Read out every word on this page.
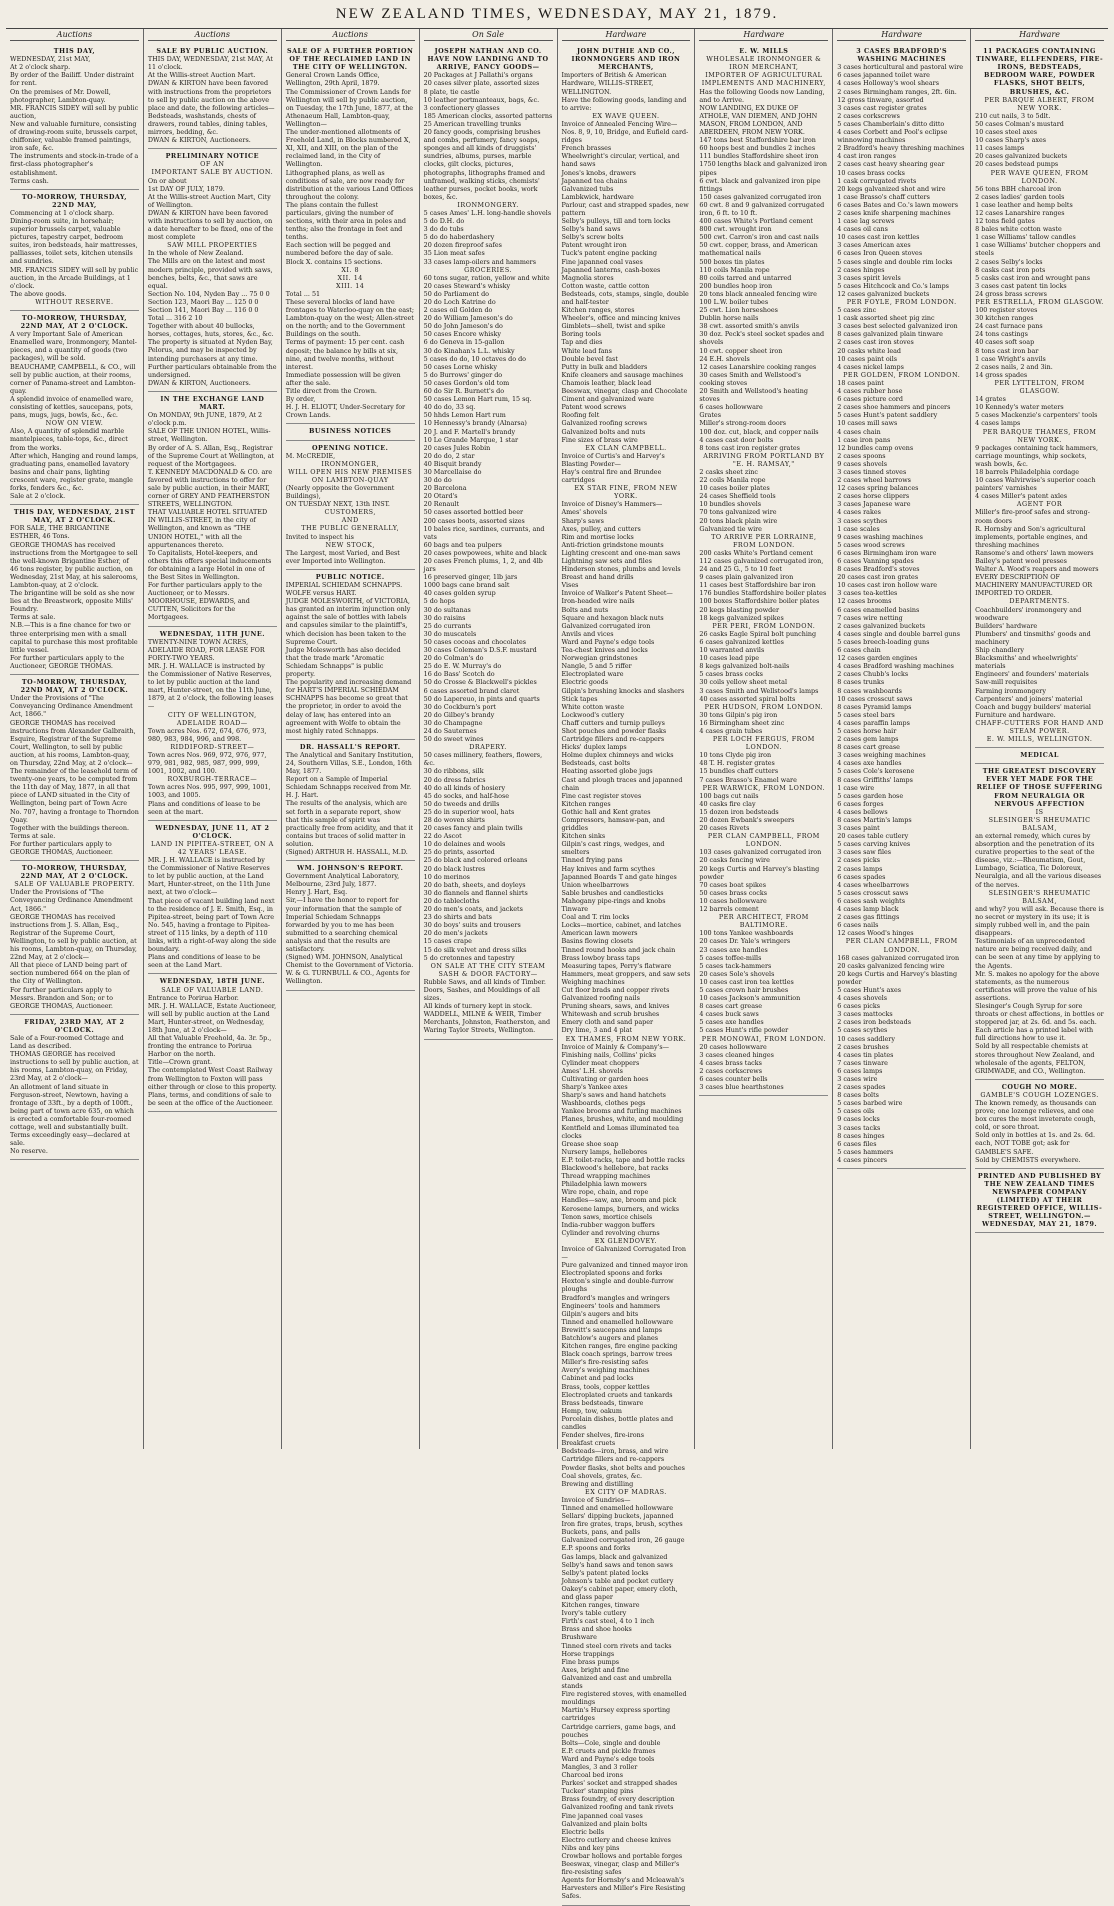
NEW ZEALAND TIMES, WEDNESDAY, MAY 21, 1879.
Auctions

THIS DAY,

WEDNESDAY, 21st MAY,

At 2 o'clock sharp.

By order of the Bailiff. Under distraint for rent.

On the premises of Mr. Dowell, photographer, Lambton-quay.

MR. FRANCIS SIDEY will sell by public auction,

New and valuable furniture, consisting of drawing-room suite, brussels carpet, chiffonier, valuable framed paintings, iron safe, &c.

The instruments and stock-in-trade of a first-class photographer's establishment.

Terms cash.

TO-MORROW, THURSDAY, 22ND MAY,

Commencing at 1 o'clock sharp.

Dining-room suite, in horsehair; superior brussels carpet, valuable pictures, tapestry carpet, bedroom suites, iron bedsteads, hair mattresses, palliasses, toilet sets, kitchen utensils and sundries.

MR. FRANCIS SIDEY will sell by public auction, in the Arcade Buildings, at 1 o'clock.

The above goods.

WITHOUT RESERVE.

TO-MORROW, THURSDAY, 22ND MAY, AT 2 O'CLOCK.

A very Important Sale of American Enamelled ware, Ironmongery, Mantel-pieces, and a quantity of goods (two packages), will be sold.

BEAUCHAMP, CAMPBELL, & CO., will sell by public auction, at their rooms, corner of Panama-street and Lambton-quay.

A splendid invoice of enamelled ware, consisting of kettles, saucepans, pots, pans, mugs, jugs, bowls, &c., &c.

NOW ON VIEW.

Also, A quantity of splendid marble mantelpieces, table-tops, &c., direct from the works.

After which, Hanging and round lamps, graduating pans, enamelled lavatory basins and chair pans, lighting crescent ware, register grate, mangle forks, fenders &c., &c.

Sale at 2 o'clock.

THIS DAY, WEDNESDAY, 21ST MAY, AT 2 O'CLOCK.

FOR SALE, THE BRIGANTINE ESTHER, 46 Tons.

GEORGE THOMAS has received instructions from the Mortgagee to sell the well-known Brigantine Esther, of 46 tons register, by public auction, on Wednesday, 21st May, at his salerooms, Lambton-quay, at 2 o'clock.

The brigantine will be sold as she now lies at the Breastwork, opposite Mills' Foundry.

Terms at sale.

N.B.—This is a fine chance for two or three enterprising men with a small capital to purchase this most profitable little vessel.

For further particulars apply to the Auctioneer, GEORGE THOMAS.

TO-MORROW, THURSDAY, 22ND MAY, AT 2 O'CLOCK.

Under the Provisions of "The Conveyancing Ordinance Amendment Act, 1866."

GEORGE THOMAS has received instructions from Alexander Galbraith, Esquire, Registrar of the Supreme Court, Wellington, to sell by public auction, at his rooms, Lambton-quay, on Thursday, 22nd May, at 2 o'clock—

The remainder of the leasehold term of twenty-one years, to be computed from the 11th day of May, 1877, in all that piece of LAND situated in the City of Wellington, being part of Town Acre No. 707, having a frontage to Thorndon Quay.

Together with the buildings thereon.

Terms at sale.

For further particulars apply to GEORGE THOMAS, Auctioneer.

TO-MORROW, THURSDAY, 22ND MAY, AT 2 O'CLOCK.

SALE OF VALUABLE PROPERTY.

Under the Provisions of "The Conveyancing Ordinance Amendment Act, 1866."

GEORGE THOMAS has received instructions from J. S. Allan, Esq., Registrar of the Supreme Court, Wellington, to sell by public auction, at his rooms, Lambton-quay, on Thursday, 22nd May, at 2 o'clock—

All that piece of LAND being part of section numbered 664 on the plan of the City of Wellington.

For further particulars apply to Messrs. Brandon and Son; or to GEORGE THOMAS, Auctioneer.

FRIDAY, 23RD MAY, AT 2 O'CLOCK.

Sale of a Four-roomed Cottage and Land as described.

THOMAS GEORGE has received instructions to sell by public auction, at his rooms, Lambton-quay, on Friday, 23rd May, at 2 o'clock—

An allotment of land situate in Ferguson-street, Newtown, having a frontage of 33ft., by a depth of 100ft., being part of town acre 635, on which is erected a comfortable four-roomed cottage, well and substantially built.

Terms exceedingly easy—declared at sale.

No reserve.

Auctions

SALE BY PUBLIC AUCTION.

THIS DAY, WEDNESDAY, 21st MAY, At 11 o'clock.

At the Willis-street Auction Mart.

DWAN & KIRTON have been favored with instructions from the proprietors to sell by public auction on the above place and date, the following articles—

Bedsteads, washstands, chests of drawers, round tables, dining tables, mirrors, bedding, &c.

DWAN & KIRTON, Auctioneers.

PRELIMINARY NOTICE

OF AN

IMPORTANT SALE BY AUCTION.

On or about

1st DAY OF JULY, 1879.

At the Willis-street Auction Mart, City of Wellington.

DWAN & KIRTON have been favored with instructions to sell by auction, on a date hereafter to be fixed, one of the most complete

SAW MILL PROPERTIES

In the whole of New Zealand.

The Mills are on the latest and most modern principle, provided with saws, benches, belts, &c., that saws are equal.

Section No. 104, Nyden Bay ... 75 0 0

Section 123, Maori Bay ... 125 0 0

Section 141, Maori Bay ... 116 0 0

Total ... 316 2 10

Together with about 40 bullocks, horses, cottages, huts, stores, &c., &c.

The property is situated at Nyden Bay, Pelorus, and may be inspected by intending purchasers at any time.

Further particulars obtainable from the undersigned.

DWAN & KIRTON, Auctioneers.

IN THE EXCHANGE LAND MART.

On MONDAY, 9th JUNE, 1879, At 2 o'clock p.m.

SALE OF THE UNION HOTEL, Willis-street, Wellington.

By order of A. S. Allan, Esq., Registrar of the Supreme Court at Wellington, at request of the Mortgagees.

T. KENNEDY MACDONALD & CO. are favored with instructions to offer for sale by public auction, in their MART, corner of GREY AND FEATHERSTON STREETS, WELLINGTON.

THAT VALUABLE HOTEL SITUATED IN WILLIS-STREET, in the city of Wellington, and known as "THE UNION HOTEL," with all the appurtenances thereto.

To Capitalists, Hotel-keepers, and others this offers special inducements for obtaining a large Hotel in one of the Best Sites in Wellington.

For further particulars apply to the Auctioneer, or to Messrs. MOORHOUSE, EDWARDS, and CUTTEN, Solicitors for the Mortgagees.

WEDNESDAY, 11TH JUNE.

TWENTY-NINE TOWN ACRES, ADELAIDE ROAD, FOR LEASE FOR FORTY-TWO YEARS.

MR. J. H. WALLACE is instructed by the Commissioner of Native Reserves, to let by public auction at the land mart, Hunter-street, on the 11th June, 1879, at 2 o'clock, the following leases—

CITY OF WELLINGTON, ADELAIDE ROAD—

Town acres Nos. 672, 674, 676, 973, 980, 983, 984, 996, and 998.

RIDDIFORD-STREET—

Town acres Nos. 969, 972, 976, 977, 979, 981, 982, 985, 987, 999, 999, 1001, 1002, and 100.

ROXBURGH-TERRACE—

Town acres Nos. 995, 997, 999, 1001, 1003, and 1005.

Plans and conditions of lease to be seen at the mart.

WEDNESDAY, JUNE 11, AT 2 O'CLOCK.

LAND IN PIPITEA-STREET, ON A 42 YEARS' LEASE.

MR. J. H. WALLACE is instructed by the Commissioner of Native Reserves to let by public auction, at the Land Mart, Hunter-street, on the 11th June next, at two o'clock—

That piece of vacant building land next to the residence of J. E. Smith, Esq., in Pipitea-street, being part of Town Acre No. 545, having a frontage to Pipitea-street of 115 links, by a depth of 110 links, with a right-of-way along the side boundary.

Plans and conditions of lease to be seen at the Land Mart.

WEDNESDAY, 18TH JUNE.

SALE OF VALUABLE LAND.

Entrance to Porirua Harbor.

MR. J. H. WALLACE, Estate Auctioneer, will sell by public auction at the Land Mart, Hunter-street, on Wednesday, 18th June, at 2 o'clock—

All that Valuable Freehold, 4a. 3r. 5p., fronting the entrance to Porirua Harbor on the north.

Title—Crown grant.

The contemplated West Coast Railway from Wellington to Foxton will pass either through or close to this property.

Plans, terms, and conditions of sale to be seen at the office of the Auctioneer.

Auctions

SALE OF A FURTHER PORTION OF THE RECLAIMED LAND IN THE CITY OF WELLINGTON.

General Crown Lands Office, Wellington, 29th April, 1879.

The Commissioner of Crown Lands for Wellington will sell by public auction, on Tuesday, the 17th June, 1877, at the Athenaeum Hall, Lambton-quay, Wellington—

The under-mentioned allotments of Freehold Land, in Blocks numbered X, XI, XII, and XIII, on the plan of the reclaimed land, in the City of Wellington.

Lithographed plans, as well as conditions of sale, are now ready for distribution at the various Land Offices throughout the colony.

The plans contain the fullest particulars, giving the number of sections, with their area in poles and tenths; also the frontage in feet and tenths.

Each section will be pegged and numbered before the day of sale.

Block X. contains 15 sections.

XI. 8

XII. 14

XIII. 14

Total ... 51

These several blocks of land have frontages to Waterloo-quay on the east; Lambton-quay on the west; Allen-street on the north; and to the Government Buildings on the south.

Terms of payment: 15 per cent. cash deposit; the balance by bills at six, nine, and twelve months, without interest.

Immediate possession will be given after the sale.

Title direct from the Crown.

By order,

H. J. H. ELIOTT, Under-Secretary for Crown Lands.

BUSINESS NOTICES

OPENING NOTICE.

M. McCREDIE,

IRONMONGER,

WILL OPEN HIS NEW PREMISES

ON LAMBTON-QUAY

(Nearly opposite the Government Buildings),

ON TUESDAY NEXT, 13th INST.

CUSTOMERS,

AND

THE PUBLIC GENERALLY,

Invited to inspect his

NEW STOCK,

The Largest, most Varied, and Best ever Imported into Wellington.

PUBLIC NOTICE.

IMPERIAL SCHIEDAM SCHNAPPS. WOLFE versus HART.

JUDGE MOLESWORTH, of VICTORIA, has granted an interim injunction only against the sale of bottles with labels and capsules similar to the plaintiff's, which decision has been taken to the Supreme Court.

Judge Molesworth has also decided that the trade mark "Aromatic Schiedam Schnapps" is public property.

The popularity and increasing demand for HART'S IMPERIAL SCHIEDAM SCHNAPPS has become so great that the proprietor, in order to avoid the delay of law, has entered into an agreement with Wolfe to obtain the most highly rated Schnapps.

DR. HASSALL'S REPORT.

The Analytical and Sanitary Institution, 24, Southern Villas, S.E., London, 16th May, 1877.

Report on a Sample of Imperial Schiedam Schnapps received from Mr. H. J. Hart.

The results of the analysis, which are set forth in a separate report, show that this sample of spirit was practically free from acidity, and that it contains but traces of solid matter in solution.

(Signed) ARTHUR H. HASSALL, M.D.

WM. JOHNSON'S REPORT.

Government Analytical Laboratory, Melbourne, 23rd July, 1877.

Henry J. Hart, Esq.

Sir,—I have the honor to report for your information that the sample of Imperial Schiedam Schnapps forwarded by you to me has been submitted to a searching chemical analysis and that the results are satisfactory.

(Signed) WM. JOHNSON, Analytical Chemist to the Government of Victoria.

W. & G. TURNBULL & CO., Agents for Wellington.

On Sale

JOSEPH NATHAN AND CO. HAVE NOW LANDING AND TO ARRIVE, FANCY GOODS—

20 Packages at J Pallathi's organs

20 cases silver plate, assorted sizes

8 plate, tie castle

10 leather portmanteaux, bags, &c.

3 confectionery glasses

185 American clocks, assorted patterns

25 American travelling trunks

20 fancy goods, comprising brushes and combs, perfumery, fancy soaps, sponges and all kinds of druggists' sundries, albums, purses, marble clocks, gilt clocks, pictures, photographs, lithographs framed and unframed, walking sticks, chemists' leather purses, pocket books, work boxes, &c.

IRONMONGERY.

5 cases Ames' L.H. long-handle shovels

5 do D.H. do

3 do do tubs

5 do do haberdashery

20 dozen fireproof safes

35 Lion meat safes

33 cases lamp-oilers and hammers

GROCERIES.

60 tons sugar, ration, yellow and white

20 cases Steward's whisky

50 do Parliament do

20 do Loch Katrine do

2 cases oil Golden do

20 do William Jameson's do

50 do John Jameson's do

50 cases Encore whisky

6 do Geneva in 15-gallon

30 do Kinahan's L.L. whisky

5 cases do do, 10 octaves do do

50 cases Lorne whisky

5 do Burrows' ginger do

50 cases Gordon's old tom

60 do Sir R. Burnett's do

50 cases Lemon Hart rum, 15 sq.

40 do do, 33 sq.

50 hhds Lemon Hart rum

10 Hennessy's brandy (Alnarsa)

20 J. and F. Martell's brandy

10 Le Grande Marque, 1 star

20 cases Jules Robin

20 do do, 2 star

40 Bisquit brandy

30 Marcellaise do

30 do do

20 Barcelona

20 Otard's

20 Renault

50 cases assorted bottled beer

200 cases boots, assorted sizes

10 bales rice, sardines, currants, and vats

60 bags and tea pulpers

20 cases powpowees, white and black

20 cases French plums, 1, 2, and 4lb jars

16 preserved ginger, 1lb jars

1000 bags cane brand salt

40 cases golden syrup

5 do hops

30 do sultanas

30 do raisins

25 do currants

30 do muscatels

50 cases cocoas and chocolates

30 cases Coleman's D.S.F. mustard

20 do Colman's do

25 do E. W. Murray's do

16 do Bass' Scotch do

50 do Crosse & Blackwell's pickles

6 cases assorted brand claret

50 do Lapereuo, in pints and quarts

30 do Cockburn's port

20 do Gilbey's brandy

30 do Champagne

24 do Sauternes

50 do sweet wines

DRAPERY.

50 cases millinery, feathers, flowers, &c.

30 do ribbons, silk

20 do dress fabrics

40 do all kinds of hosiery

45 do socks, and half-hose

50 do tweeds and drills

25 do in superior wool, hats

28 do woven shirts

20 cases fancy and plain twills

22 do Ascot

10 do delaines and wools

25 do prints, assorted

25 do black and colored orleans

20 do black lustres

10 do merinos

20 do bath, sheets, and doyleys

30 do flannels and flannel shirts

20 do tablecloths

20 do men's coats, and jackets

23 do shirts and bats

30 do boys' suits and trousers

20 do men's jackets

15 cases crape

15 do silk velvet and dress silks

5 do cretonnes and tapestry

ON SALE AT THE CITY STEAM SASH & DOOR FACTORY—

Rubble Saws, and all kinds of Timber.

Doors, Sashes, and Mouldings of all sizes.

All kinds of turnery kept in stock.

WADDELL, MILNE & WEIR, Timber Merchants, Johnston, Featherston, and Waring Taylor Streets, Wellington.

Hardware

JOHN DUTHIE AND CO., IRONMONGERS AND IRON MERCHANTS,

Importers of British & American Hardware, WILLIS-STREET, WELLINGTON.

Have the following goods, landing and to arrive:

EX WAVE QUEEN.

Invoice of Annealed Fencing Wire—

Nos. 8, 9, 10, Bridge, and Eufield card-ridges

French brasses

Wheelwright's circular, vertical, and hand saws

Jones's knobs, drawers

Japanned tea chains

Galvanized tubs

Lambkwick, hardware

Parlour, cast and strapped spades, new pattern

Selby's pulleys, till and torn locks

Selby's hand saws

Selby's screw bolts

Patent wrought iron

Tuck's patent engine packing

Fine japanned coal vases

Japanned lanterns, cash-boxes

Magnolia stores

Cotton waste, cattle cotton

Bedsteads, cots, stamps, single, double and half-tester

Kitchen ranges, stores

Wheeler's, office and mincing knives

Gimblets—shell, twist and spike

Boring tools

Tap and dies

White lead fans

Double bevel fast

Putty in bulk and bladders

Knife cleaners and sausage machines

Chamois leather, black lead

Beeswax, vinegar, clasp and Chocolate

Ciment and galvanized ware

Patent wood screws

Roofing felt

Galvanized roofing screws

Galvanized bolts and nuts

Fine sizes of brass wire

EX CLAN CAMPBELL.

Invoice of Curtis's and Harvey's Blasting Powder—

Hay's central fire and Brundee cartridges

EX STAR FINE, FROM NEW YORK.

Invoice of Disney's Hammers—

Ames' shovels

Sharp's saws

Axes, pulley, and cutters

Rim and mortise locks

Anti-friction grindstone mounts

Lighting crescent and one-man saws

Lightning saw sets and files

Hinderson stones, plumbs and levels

Breast and hand drills

Vises

Invoice of Walker's Patent Sheet—

Iron-headed wire nails

Bolts and nuts

Square and hexagon black nuts

Galvanized corrugated iron

Anvils and vices

Ward and Payne's edge tools

Tea-chest knives and locks

Norwegian grindstones

Nangle, 5 and 5 riffer

Electroplated ware

Electric goods

Gilpin's brushing knocks and slashers

Stick tapes

White cotton waste

Lockwood's cutlery

Chaff cutters and turnip pulleys

Shot pouches and powder flasks

Cartridge fillers and re-cappers

Hicks' duplex lamps

Holme duplex chimneys and wicks

Bedsteads, cast bolts

Heating assorted globe jugs

Cast and plough traces and japanned chain

Fine cast register stoves

Kitchen ranges

Gothic hall and Kent grates

Compressors, hamsaw-pan, and griddles

Kitchen sinks

Gilpin's cast rings, wedges, and smelters

Tinned frying pans

Hay knives and farm scythes

Japanned Boards T and gate hinges

Union wheelbarrows

Sable brushes and candlesticks

Mahogany pipe-rings and knobs

Tinware

Coal and T. rim locks

Locks—mortice, cabinet, and latches

American lawn mowers

Basins flowing closets

Tinned round hooks and jack chain

Brass lowboy brass taps

Measuring tapes, Perry's flatware

Hammers, meat groppers, and saw sets

Weighing machines

Cut floor brads and copper rivets

Galvanized roofing nails

Pruning shears, saws, and knives

Whitewash and scrub brushes

Emery cloth and sand paper

Dry lime, 3 and 4 plat

EX THAMES, FROM NEW YORK.

Invoice of Mainly & Company's—

Finishing nails, Collins' picks

Cylinder meat choppers

Ames' L.H. shovels

Cultivating or garden hoes

Sharp's Yankee axes

Sharp's saws and hand hatchets

Washboards, clothes pegs

Yankee brooms and furling machines

Planes, brushes, white, and moulding

Kentfield and Lomas illuminated tea clocks

Grease shoe soap

Nursery lamps, hellebores

E.P. toilet-racks, tape and bottle racks

Blackwood's hellebore, bat racks

Thread wrapping machines

Philadelphia lawn mowers

Wire rope, chain, and rope

Handles—saw, axe, broom and pick

Kerosene lamps, burners, and wicks

Tenon saws, mortice chisels

India-rubber waggon buffers

Cylinder and revolving churns

EX GLENDOVEY.

Invoice of Galvanized Corrugated Iron—

Pure galvanized and tinned mayor iron

Electroplated spoons and forks

Hexton's single and double-furrow ploughs

Bradford's mangles and wringers

Engineers' tools and hammers

Gilpin's augers and bits

Tinned and enamelled hollowware

Brewitt's saucepans and lamps

Batchlow's augers and planes

Kitchen ranges, fire engine packing

Black coach springs, barrow trees

Miller's fire-resisting safes

Avery's weighing machines

Cabinet and pad locks

Brass, tools, copper kettles

Electroplated cruets and tankards

Brass bedsteads, tinware

Hemp, tow, oakum

Porcelain dishes, bottle plates and candles

Fender shelves, fire-irons

Breakfast cruets

Bedsteads—iron, brass, and wire

Cartridge fillers and re-cappers

Powder flasks, shot belts and pouches

Coal shovels, grates, &c.

Brewing and distilling

EX CITY OF MADRAS.

Invoice of Sundries—

Tinned and enamelled hollowware

Sellars' dipping buckets, japanned

Iron fire grates, traps, brush, scythes

Buckets, pans, and palls

Galvanized corrugated iron, 26 gauge

E.P. spoons and forks

Gas lamps, black and galvanized

Selby's hand saws and tenon saws

Selby's patent plated locks

Johnson's table and pocket cutlery

Oakey's cabinet paper, emery cloth, and glass paper

Kitchen ranges, tinware

Ivory's table cutlery

Firth's cast steel, 4 to 1 inch

Brass and shoe hooks

Brushware

Tinned steel corn rivets and tacks

Horse trappings

Fine brass pumps

Axes, bright and fine

Galvanized and cast and umbrella stands

Fire registered stoves, with enamelled mouldings

Martin's Hursey express sporting cartridges

Cartridge carriers, game bags, and pouches

Bolts—Cole, single and double

E.P. cruets and pickle frames

Ward and Payne's edge tools

Mangles, 3 and 3 roller

Charcoal bed irons

Parkes' socket and strapped shades

Tucker' stamping pins

Brass foundry, of every description

Galvanized roofing and tank rivets

Fine japanned coal vases

Galvanized and plain bolts

Electric bells

Electro cutlery and cheese knives

Nibs and key pins

Crowbar hollows and portable forges

Beeswax, vinegar, clasp and Miller's fire-resisting safes

Agents for Hornsby's and Mcleawah's Harvesters and Miller's Fire Resisting Safes.

Hardware

E. W. MILLS

WHOLESALE IRONMONGER & IRON MERCHANT,

IMPORTER OF AGRICULTURAL IMPLEMENTS AND MACHINERY,

Has the following Goods now Landing, and to Arrive.

NOW LANDING, EX DUKE OF ATHOLE, VAN DIEMEN, AND JOHN MASON, FROM LONDON, AND ABERDEEN, FROM NEW YORK.

147 tons best Staffordshire bar iron

60 hoops best and bundles 2 inches

111 bundles Staffordshire sheet iron

1750 lengths black and galvanized iron pipes

6 cwt. black and galvanized iron pipe fittings

150 cases galvanized corrugated iron

60 cwt. 8 and 9 galvanized corrugated iron, 6 ft. to 10 ft.

400 cases White's Portland cement

800 cwt. wrought iron

500 cwt. Carron's iron and cast nails

50 cwt. copper, brass, and American mathematical nails

500 boxes tin plates

110 coils Manila rope

80 coils tarred and untarred

200 bundles hoop iron

20 tons black annealed fencing wire

100 L.W. boiler tubes

25 cwt. Lion horseshoes

Dublin horse nails

38 cwt. assorted smith's anvils

30 doz. Peck's steel socket spades and shovels

10 cwt. copper sheet iron

24 E.H. shovels

12 cases Lanarshire cooking ranges

30 cases Smith and Wellstood's cooking stoves

20 Smith and Wellstood's heating stoves

6 cases hollowware

Grates

Miller's strong-room doors

100 doz. cut, black, and copper nails

4 cases cast door bolts

8 tons cast iron register grates

ARRIVING FROM PORTLAND BY "E. H. RAMSAY,"

2 casks sheet zinc

22 coils Manila rope

10 cases boiler plates

24 cases Sheffield tools

10 bundles shovels

70 tons galvanized wire

20 tons black plain wire

Galvanized tie wire

TO ARRIVE PER LORRAINE, FROM LONDON.

200 casks White's Portland cement

112 cases galvanized corrugated iron, 24 and 25 G., 5 to 10 feet

9 cases plain galvanized iron

11 cases best Staffordshire bar iron

176 bundles Staffordshire boiler plates

100 boxes Staffordshire boiler plates

20 kegs blasting powder

18 kegs galvanized spikes

PER PERI, FROM LONDON.

26 casks Eagle Spiral bolt punching

6 cases galvanized kettles

10 warranted anvils

10 cases lead pipe

8 kegs galvanized bolt-nails

5 cases brass cocks

30 coils yellow sheet metal

3 cases Smith and Wellstood's lamps

40 cases assorted spiral bolts

PER HUDSON, FROM LONDON.

30 tons Gilpin's pig iron

16 Birmingham sheet zinc

4 cases grain tubes

PER LOCH FERGUS, FROM LONDON.

10 tons Clyde pig iron

48 T. H. register grates

15 bundles chaff cutters

7 cases Brasso's Enamel ware

PER WARWICK, FROM LONDON.

100 bags cut nails

40 casks fire clay

15 dozen iron bedsteads

20 dozen Ewbank's sweepers

20 cases Rivets

PER CLAN CAMPBELL, FROM LONDON.

103 cases galvanized corrugated iron

20 casks fencing wire

20 kegs Curtis and Harvey's blasting powder

70 cases boat spikes

50 cases brass cocks

10 cases hollowware

12 barrels cement

PER ARCHITECT, FROM BALTIMORE.

100 tons Yankee washboards

20 cases Dr. Yale's wringers

23 cases axe handles

5 cases toffee-mills

5 cases tack-hammers

20 cases Sole's shovels

10 cases cast iron tea kettles

5 cases crown hair brushes

10 cases Jackson's ammunition

8 cases cart grease

4 cases buck saws

5 cases axe handles

5 cases Hunt's rifle powder

PER MONOWAI, FROM LONDON.

20 cases hollowware

3 cases cleaned hinges

4 cases brass tacks

2 cases corkscrews

6 cases counter bells

3 cases blue hearthstones

Hardware

3 CASES BRADFORD'S WASHING MACHINES

3 cases horticultural and pastoral wire

6 cases japanned toilet ware

4 cases Holloway's wool shears

2 cases Birmingham ranges, 2ft. 6in.

12 gross tinware, assorted

3 cases cast register grates

2 cases corkscrews

5 cases Chamberlain's ditto ditto

4 cases Corbett and Pool's eclipse winnowing machines

2 Bradford's heavy threshing machines

4 cast iron ranges

2 cases cast heavy shearing gear

10 cases brass cocks

1 cask corrugated rivets

20 kegs galvanized shot and wire

1 case Brasso's chaff cutters

6 cases Bates and Co.'s lawn mowers

2 cases knife sharpening machines

1 case lag screws

4 cases oil cans

10 cases cast iron kettles

3 cases American axes

6 cases Iron Queen stoves

5 cases single and double rim locks

2 cases hinges

3 cases spirit levels

5 cases Hitchcock and Co.'s lamps

12 cases galvanized buckets

PER FOYLE, FROM LONDON.

5 cases zinc

1 cask assorted sheet pig zinc

3 cases best selected galvanized iron

8 cases galvanized plain tinware

2 cases cast iron stoves

20 casks white lead

10 cases paint oils

4 cases nickel lamps

PER GOLDEN, FROM LONDON.

18 cases paint

4 cases rubber hose

6 cases picture cord

2 cases shoe hammers and pincers

5 cases Hunt's patent saddlery

10 cases mill saws

4 cases chain

1 case iron pans

12 bundles camp ovens

2 cases spoons

9 cases shovels

3 cases tinned stoves

2 cases wheel barrows

12 cases spring balances

2 cases horse clippers

3 cases Japanese ware

4 cases rakes

3 cases scythes

1 case scales

9 cases washing machines

5 cases wood screws

6 cases Birmingham iron ware

6 cases Vanning spades

8 cases Bradford's stoves

20 cases cast iron grates

10 cases cast iron hollow ware

3 cases tea-kettles

12 cases brooms

6 cases enamelled basins

7 cases wire netting

2 cases galvanized buckets

4 cases single and double barrel guns

5 cases breech-loading guns

6 cases chain

12 cases garden engines

4 cases Bradford washing machines

2 cases Chubb's locks

8 cases trunks

8 cases washboards

10 cases crosscut saws

8 cases Pyramid lamps

5 cases steel bars

4 cases paraffin lamps

5 cases horse hair

2 cases gem lamps

8 cases cart grease

3 cases weighing machines

4 cases axe handles

5 cases Cole's kerosene

8 cases Griffiths' lamps

1 case wire

5 cases garden hose

6 cases forges

4 cases bellows

8 cases Martin's lamps

3 cases paint

20 cases table cutlery

5 cases carving knives

3 cases saw files

2 cases picks

2 cases lamps

6 cases spades

4 cases wheelbarrows

5 cases crosscut saws

6 cases sash weights

4 cases lamp black

2 cases gas fittings

6 cases nails

12 cases Wood's hinges

PER CLAN CAMPBELL, FROM LONDON.

168 cases galvanized corrugated iron

20 casks galvanized fencing wire

20 kegs Curtis and Harvey's blasting powder

5 cases Hunt's axes

4 cases shovels

6 cases picks

3 cases mattocks

2 cases iron bedsteads

5 cases scythes

10 cases saddlery

2 cases brushes

4 cases tin plates

7 cases tinware

6 cases lamps

3 cases wire

2 cases spades

8 cases bolts

5 cases barbed wire

5 cases oils

9 cases locks

3 cases tacks

8 cases hinges

6 cases files

5 cases hammers

4 cases pincers

Hardware

11 PACKAGES CONTAINING TINWARE, ELLFENDERS, FIRE-IRONS, BEDSTEADS, BEDROOM WARE, POWDER FLASKS, SHOT BELTS, BRUSHES, &C.

PER BARQUE ALBERT, FROM NEW YORK.

210 cut nails, 3 to 5dlt.

50 cases Colman's mustard

10 cases steel axes

10 cases Sharp's axes

11 cases lamps

20 cases galvanized buckets

20 cases bedstead pumps

PER WAVE QUEEN, FROM LONDON.

56 tons BBH charcoal iron

2 cases ladies' garden tools

1 case leather and hemp belts

12 cases Lanarshire ranges

12 tons field gates

8 bales white cotton waste

1 case Williams' tallow candles

1 case Williams' butcher choppers and steels

2 cases Selby's locks

8 casks cast iron pots

5 casks cast iron and wrought pans

3 cases cast patent tin locks

24 gross brass screws

PER ESTRELLA, FROM GLASGOW.

100 register stoves

30 kitchen ranges

24 cast furnace pans

24 tons castings

40 cases soft soap

8 tons cast iron bar

1 case Wright's anvils

2 cases nails, 2 and 3in.

14 gross spades

PER LYTTELTON, FROM GLASGOW.

14 grates

10 Kennedy's water meters

5 cases Mackenzie's carpenters' tools

4 cases lamps

PER BARQUE THAMES, FROM NEW YORK.

9 packages containing tack hammers, carriage mountings, whip sockets, wash bowls, &c.

18 barrels Philadelphia cordage

10 cases Walvirwise's superior coach painters' varnishes

4 cases Miller's patent axles

AGENT FOR

Miller's fire-proof safes and strong-room doors

R. Hornsby and Son's agricultural implements, portable engines, and threshing machines

Ransome's and others' lawn mowers

Bailey's patent wool presses

Walter A. Wood's reapers and mowers

EVERY DESCRIPTION OF MACHINERY MANUFACTURED OR IMPORTED TO ORDER.

DEPARTMENTS.

Coachbuilders' ironmongery and woodware

Builders' hardware

Plumbers' and tinsmiths' goods and machinery

Ship chandlery

Blacksmiths' and wheelwrights' materials

Engineers' and founders' materials

Saw-mill requisites

Farming ironmongery

Carpenters' and joiners' material

Coach and buggy builders' material

Furniture and hardware.

CHAFF-CUTTERS FOR HAND AND STEAM POWER.

E. W. MILLS, WELLINGTON.

MEDICAL

THE GREATEST DISCOVERY EVER YET MADE FOR THE RELIEF OF THOSE SUFFERING FROM NEURALGIA OR NERVOUS AFFECTION

IS

SLESINGER'S RHEUMATIC BALSAM,

an external remedy, which cures by absorption and the penetration of its curative properties to the seat of the disease, viz.:—Rheumatism, Gout, Lumbago, Sciatica, Tic Doloreux, Neuralgia, and all the various diseases of the nerves.

SLESINGER'S RHEUMATIC BALSAM,

and why? you will ask. Because there is no secret or mystery in its use; it is simply rubbed well in, and the pain disappears.

Testimonials of an unprecedented nature are being received daily, and can be seen at any time by applying to the Agents.

Mr. S. makes no apology for the above statements, as the numerous certificates will prove the value of his assertions.

Slesinger's Cough Syrup for sore throats or chest affections, in bottles or stoppered jar, at 2s. 6d. and 5s. each.

Each article has a printed label with full directions how to use it.

Sold by all respectable chemists at stores throughout New Zealand, and wholesale of the agents, FELTON, GRIMWADE, and CO., Wellington.

COUGH NO MORE.

GAMBLE'S COUGH LOZENGES.

The known remedy, as thousands can prove; one lozenge relieves, and one box cures the most inveterate cough, cold, or sore throat.

Sold only in bottles at 1s. and 2s. 6d. each, NOT TOBE got; ask for GAMBLE'S SAFE.

Sold by CHEMISTS everywhere.

PRINTED AND PUBLISHED BY THE NEW ZEALAND TIMES NEWSPAPER COMPANY (LIMITED) AT THEIR REGISTERED OFFICE, WILLIS-STREET, WELLINGTON.—WEDNESDAY, MAY 21, 1879.
